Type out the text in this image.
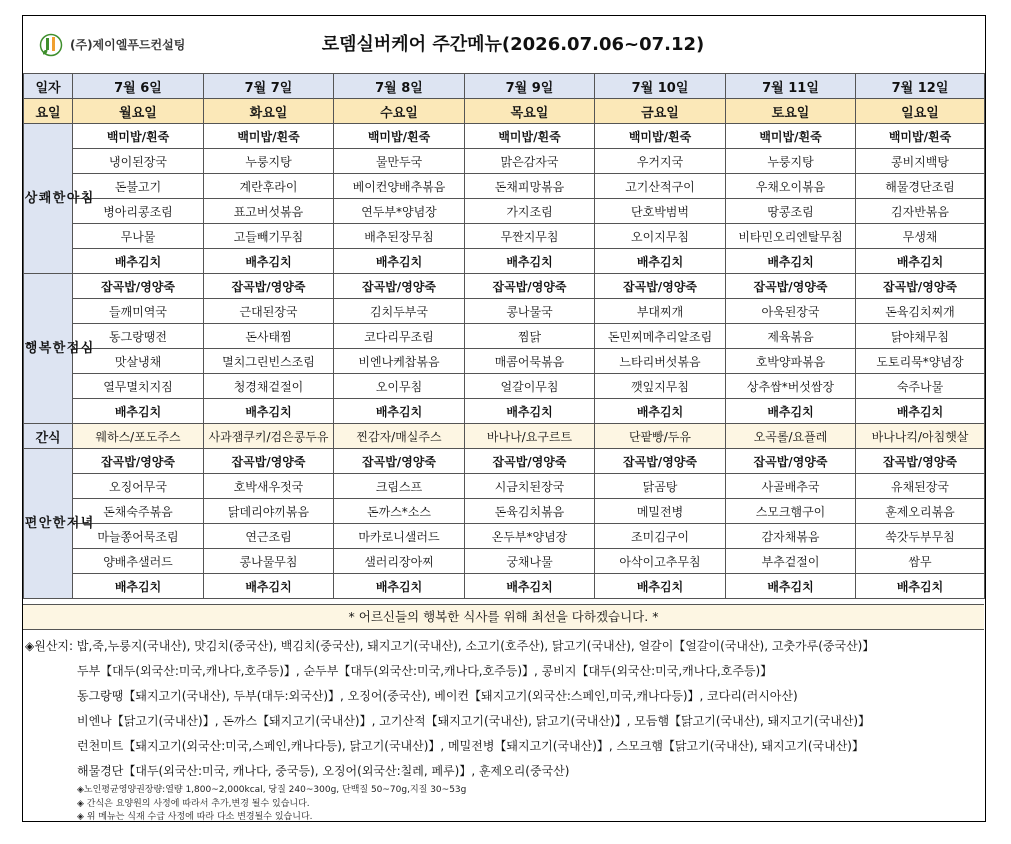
(주)제이엘푸드컨설팅	로뎀실버케어 주간메뉴(2026.07.06~07.12)
일자	7월 6일	7월 7일	7월 8일	7월 9일	7월 10일	7월 11일	7월 12일
요일	월요일	화요일	수요일	목요일	금요일	토요일	일요일
상쾌한아침	백미밥/흰죽	백미밥/흰죽	백미밥/흰죽	백미밥/흰죽	백미밥/흰죽	백미밥/흰죽	백미밥/흰죽
	냉이된장국	누룽지탕	물만두국	맑은감자국	우거지국	누룽지탕	콩비지백탕
	돈불고기	계란후라이	베이컨양배추볶음	돈채피망볶음	고기산적구이	우채오이볶음	해물경단조림
	병아리콩조림	표고버섯볶음	연두부*양념장	가지조림	단호박범벅	땅콩조림	김자반볶음
	무나물	고들빼기무침	배추된장무침	무짠지무침	오이지무침	비타민오리엔탈무침	무생채
	배추김치	배추김치	배추김치	배추김치	배추김치	배추김치	배추김치
행복한점심	잡곡밥/영양죽	잡곡밥/영양죽	잡곡밥/영양죽	잡곡밥/영양죽	잡곡밥/영양죽	잡곡밥/영양죽	잡곡밥/영양죽
	들깨미역국	근대된장국	김치두부국	콩나물국	부대찌개	아욱된장국	돈육김치찌개
	동그랑땡전	돈사태찜	코다리무조림	찜닭	돈민찌메추리알조림	제육볶음	닭야채무침
	맛살냉채	멸치그린빈스조림	비엔나케찹볶음	매콤어묵볶음	느타리버섯볶음	호박양파볶음	도토리묵*양념장
	열무멸치지짐	청경채겉절이	오이무침	얼갈이무침	깻잎지무침	상추쌈*버섯쌈장	숙주나물
	배추김치	배추김치	배추김치	배추김치	배추김치	배추김치	배추김치
간식	웨하스/포도주스	사과잼쿠키/검은콩두유	찐감자/매실주스	바나나/요구르트	단팥빵/두유	오곡롤/요플레	바나나킥/아침햇살
편안한저녁	잡곡밥/영양죽	잡곡밥/영양죽	잡곡밥/영양죽	잡곡밥/영양죽	잡곡밥/영양죽	잡곡밥/영양죽	잡곡밥/영양죽
	오징어무국	호박새우젓국	크림스프	시금치된장국	닭곰탕	사골배추국	유채된장국
	돈채숙주볶음	닭데리야끼볶음	돈까스*소스	돈육김치볶음	메밀전병	스모크햄구이	훈제오리볶음
	마늘쫑어묵조림	연근조림	마카로니샐러드	온두부*양념장	조미김구이	감자채볶음	쑥갓두부무침
	양배추샐러드	콩나물무침	샐러리장아찌	궁채나물	아삭이고추무침	부추겉절이	쌈무
	배추김치	배추김치	배추김치	배추김치	배추김치	배추김치	배추김치
* 어르신들의 행복한 식사를 위해 최선을 다하겠습니다. *
◈원산지: 밥,죽,누룽지(국내산), 맛김치(중국산), 백김치(중국산), 돼지고기(국내산), 소고기(호주산), 닭고기(국내산), 얼갈이【얼갈이(국내산), 고춧가루(중국산)】
두부【대두(외국산:미국,캐나다,호주등)】, 순두부【대두(외국산:미국,캐나다,호주등)】, 콩비지【대두(외국산:미국,캐나다,호주등)】
동그랑땡【돼지고기(국내산), 두부(대두:외국산)】, 오징어(중국산), 베이컨【돼지고기(외국산:스페인,미국,캐나다등)】, 코다리(러시아산)
비엔나【닭고기(국내산)】, 돈까스【돼지고기(국내산)】, 고기산적【돼지고기(국내산), 닭고기(국내산)】, 모듬햄【닭고기(국내산), 돼지고기(국내산)】
런천미트【돼지고기(외국산:미국,스페인,캐나다등), 닭고기(국내산)】, 메밀전병【돼지고기(국내산)】, 스모크햄【닭고기(국내산), 돼지고기(국내산)】
해물경단【대두(외국산:미국, 캐나다, 중국등), 오징어(외국산:칠레, 페루)】, 훈제오리(중국산)
◈노인평균영양권장량:열량 1,800~2,000kcal, 당질 240~300g, 단백질 50~70g,지질 30~53g
◈ 간식은 요양원의 사정에 따라서 추가,변경 될수 있습니다.
◈ 위 메뉴는 식재 수급 사정에 따라 다소 변경될수 있습니다.
